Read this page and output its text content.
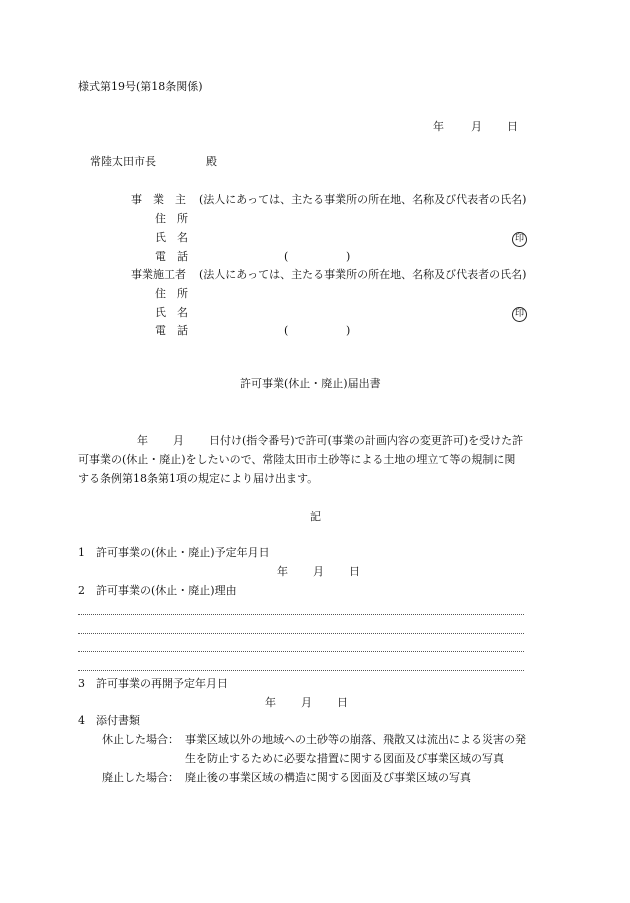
様式第19号(第18条関係)
年 月 日
常陸太田市長	殿
事　業　主 (法人にあっては、主たる事業所の所在地、名称及び代表者の氏名)
住　所
氏　名	印
電　話	(	)
事業施工者 (法人にあっては、主たる事業所の所在地、名称及び代表者の氏名)
住　所
氏　名	印
電　話	(	)
許可事業(休止・廃止)届出書
年 月 日付け(指令番号)で許可(事業の計画内容の変更許可)を受けた許
可事業の(休止・廃止)をしたいので、常陸太田市土砂等による土地の埋立て等の規制に関
する条例第18条第1項の規定により届け出ます。
記
1 許可事業の(休止・廃止)予定年月日
年 月 日
2 許可事業の(休止・廃止)理由
3 許可事業の再開予定年月日
年 月 日
4 添付書類
休止した場合： 事業区域以外の地域への土砂等の崩落、飛散又は流出による災害の発
生を防止するために必要な措置に関する図面及び事業区域の写真
廃止した場合： 廃止後の事業区域の構造に関する図面及び事業区域の写真
